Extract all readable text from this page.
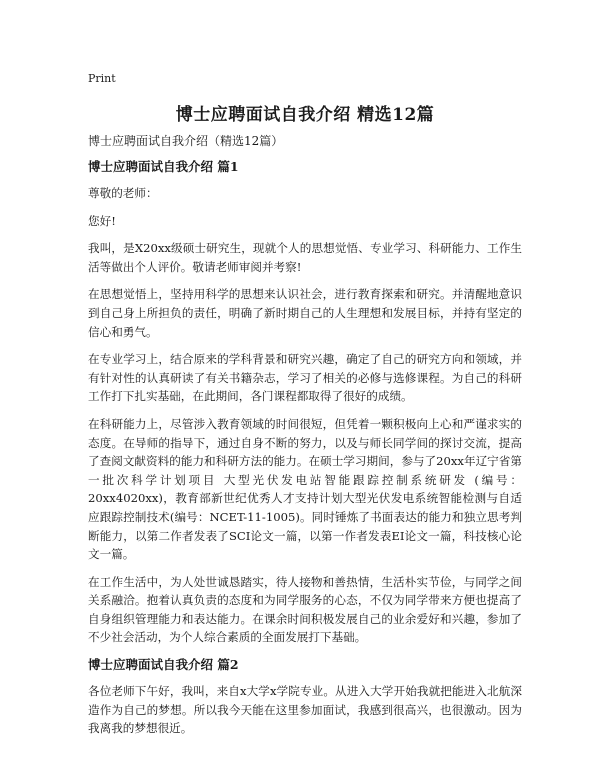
Print
博士应聘面试自我介绍 精选12篇
博士应聘面试自我介绍（精选12篇）
博士应聘面试自我介绍 篇1

尊敬的老师：

您好!

我叫，是X20xx级硕士研究生，现就个人的思想觉悟、专业学习、科研能力、工作生活等做出个人评价。敬请老师审阅并考察!

在思想觉悟上，坚持用科学的思想来认识社会，进行教育探索和研究。并清醒地意识到自己身上所担负的责任，明确了新时期自己的人生理想和发展目标，并持有坚定的信心和勇气。

在专业学习上，结合原来的学科背景和研究兴趣，确定了自己的研究方向和领域，并有针对性的认真研读了有关书籍杂志，学习了相关的必修与选修课程。为自己的科研工作打下扎实基础，在此期间，各门课程都取得了很好的成绩。

在科研能力上，尽管涉入教育领域的时间很短，但凭着一颗积极向上心和严谨求实的态度。在导师的指导下，通过自身不断的努力，以及与师长同学间的探讨交流，提高了查阅文献资料的能力和科研方法的能力。在硕士学习期间，参与了20xx年辽宁省第一批次科学计划项目 大型光伏发电站智能跟踪控制系统研发 (编号：20xx4020xx)，教育部新世纪优秀人才支持计划大型光伏发电系统智能检测与自适应跟踪控制技术(编号：NCET-11-1005)。同时锤炼了书面表达的能力和独立思考判断能力，以第二作者发表了SCI论文一篇，以第一作者发表EI论文一篇，科技核心论文一篇。

在工作生活中，为人处世诚恳踏实，待人接物和善热情，生活朴实节俭，与同学之间关系融洽。抱着认真负责的态度和为同学服务的心态，不仅为同学带来方便也提高了自身组织管理能力和表达能力。在课余时间积极发展自己的业余爱好和兴趣，参加了不少社会活动，为个人综合素质的全面发展打下基础。

博士应聘面试自我介绍 篇2

各位老师下午好，我叫，来自x大学x学院专业。从进入大学开始我就把能进入北航深造作为自己的梦想。所以我今天能在这里参加面试，我感到很高兴，也很激动。因为我离我的梦想很近。
